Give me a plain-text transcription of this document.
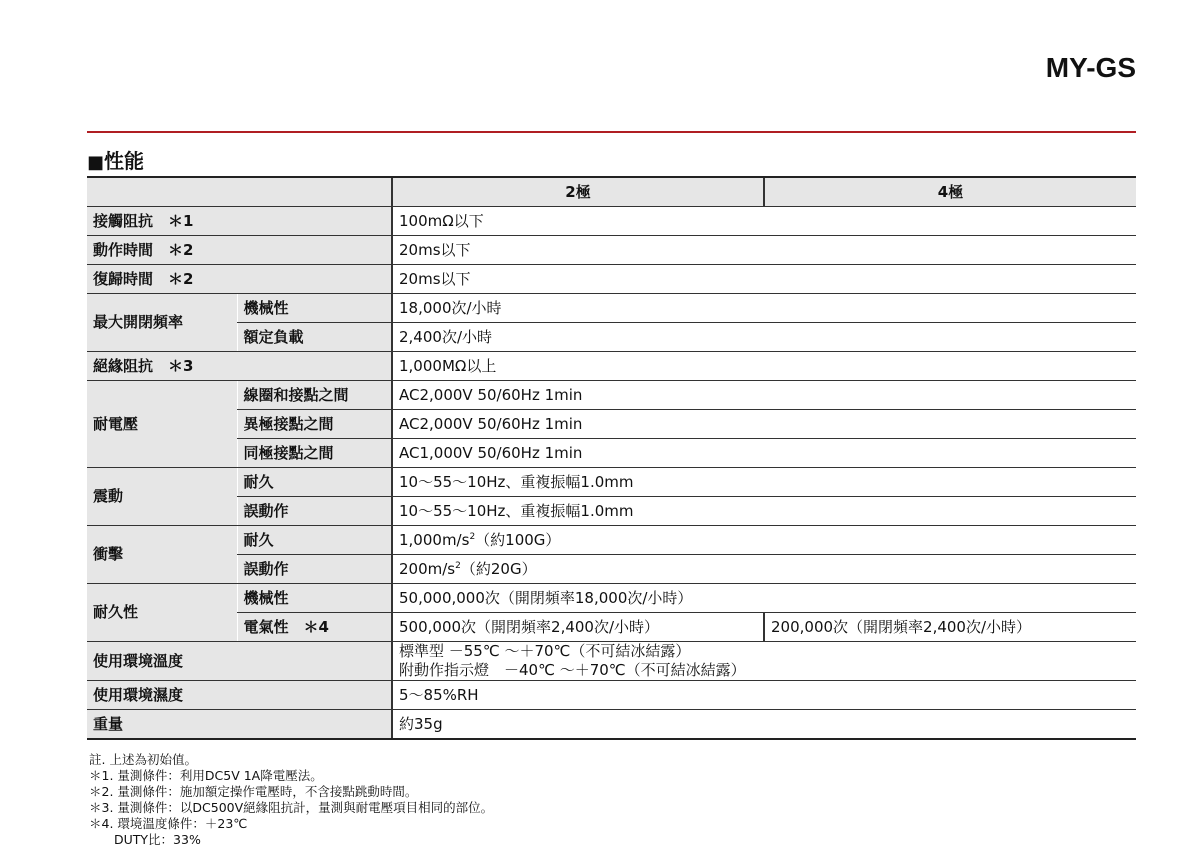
MY-GS
■性能
		2極	4極
接觸阻抗　＊1		100mΩ以下	
動作時間　＊2		20ms以下	
復歸時間　＊2		20ms以下	
最大開閉頻率	機械性	18,000次/小時	
	額定負載	2,400次/小時	
絕緣阻抗　＊3		1,000MΩ以上	
耐電壓	線圈和接點之間	AC2,000V 50/60Hz 1min	
	異極接點之間	AC2,000V 50/60Hz 1min	
	同極接點之間	AC1,000V 50/60Hz 1min	
震動	耐久	10～55～10Hz、重複振幅1.0mm	
	誤動作	10～55～10Hz、重複振幅1.0mm	
衝擊	耐久	$1,000m/s^2$（約100G）	
	誤動作	$200m/s^2$（約20G）	
耐久性	機械性	50,000,000次（開閉頻率18,000次/小時）	
	電氣性　＊4	500,000次（開閉頻率2,400次/小時）	200,000次（開閉頻率2,400次/小時）
使用環境溫度		標準型 －55℃ ～＋70℃（不可結冰結露）
附動作指示燈　－40℃ ～＋70℃（不可結冰結露）	

使用環境濕度		5～85%RH	
重量		約35g	

註. 上述為初始值。

＊1. 量測條件：利用DC5V 1A降電壓法。

＊2. 量測條件：施加額定操作電壓時，不含接點跳動時間。

＊3. 量測條件：以DC500V絕緣阻抗計，量測與耐電壓項目相同的部位。

＊4. 環境溫度條件：＋23℃

　　DUTY比：33%
